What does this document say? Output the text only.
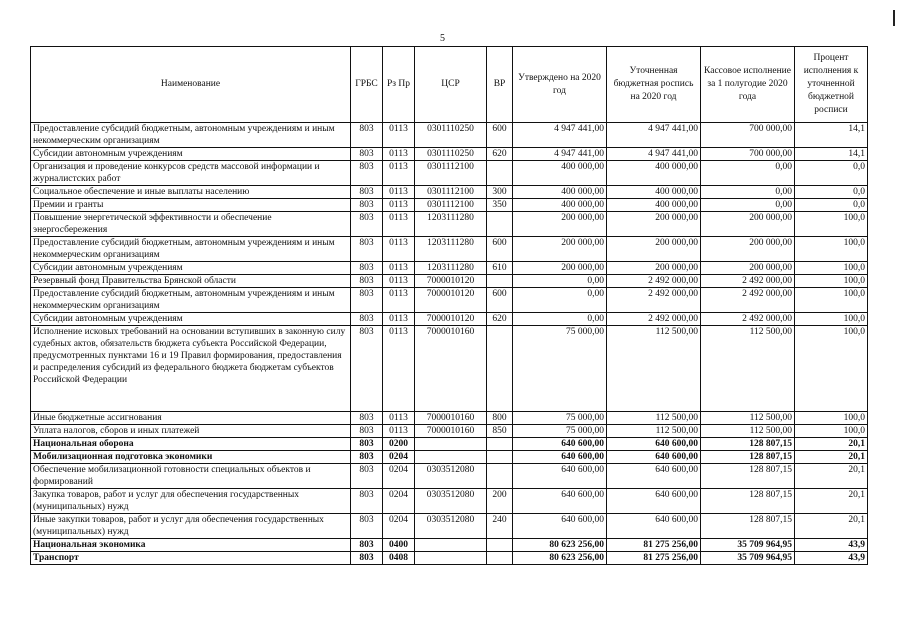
5
Наименование	ГРБС	Рз Пр	ЦСР	ВР	Утверждено на 2020 год	Уточненная бюджетная роспись на 2020 год	Кассовое исполнение за 1 полугодие 2020 года	Процент исполнения к уточненной бюджетной росписи
Предоставление субсидий бюджетным, автономным учреждениям и иным некоммерческим организациям	803	0113	0301110250	600	4 947 441,00	4 947 441,00	700 000,00	14,1
Субсидии автономным учреждениям	803	0113	0301110250	620	4 947 441,00	4 947 441,00	700 000,00	14,1
Организация и проведение конкурсов средств массовой информации и журналистских работ	803	0113	0301112100		400 000,00	400 000,00	0,00	0,0
Социальное обеспечение и иные выплаты населению	803	0113	0301112100	300	400 000,00	400 000,00	0,00	0,0
Премии и гранты	803	0113	0301112100	350	400 000,00	400 000,00	0,00	0,0
Повышение энергетической эффективности и обеспечение энергосбережения	803	0113	1203111280		200 000,00	200 000,00	200 000,00	100,0
Предоставление субсидий бюджетным, автономным учреждениям и иным некоммерческим организациям	803	0113	1203111280	600	200 000,00	200 000,00	200 000,00	100,0
Субсидии автономным учреждениям	803	0113	1203111280	610	200 000,00	200 000,00	200 000,00	100,0
Резервный фонд Правительства Брянской области	803	0113	7000010120		0,00	2 492 000,00	2 492 000,00	100,0
Предоставление субсидий бюджетным, автономным учреждениям и иным некоммерческим организациям	803	0113	7000010120	600	0,00	2 492 000,00	2 492 000,00	100,0
Субсидии автономным учреждениям	803	0113	7000010120	620	0,00	2 492 000,00	2 492 000,00	100,0
Исполнение исковых требований на основании вступивших в законную силу судебных актов, обязательств бюджета субъекта Российской Федерации, предусмотренных пунктами 16 и 19 Правил формирования, предоставления и распределения субсидий из федерального бюджета бюджетам субъектов Российской Федерации	803	0113	7000010160		75 000,00	112 500,00	112 500,00	100,0
Иные бюджетные ассигнования	803	0113	7000010160	800	75 000,00	112 500,00	112 500,00	100,0
Уплата налогов, сборов и иных платежей	803	0113	7000010160	850	75 000,00	112 500,00	112 500,00	100,0
Национальная оборона	803	0200			640 600,00	640 600,00	128 807,15	20,1
Мобилизационная подготовка экономики	803	0204			640 600,00	640 600,00	128 807,15	20,1
Обеспечение мобилизационной готовности специальных объектов и формирований	803	0204	0303512080		640 600,00	640 600,00	128 807,15	20,1
Закупка товаров, работ и услуг для обеспечения государственных (муниципальных) нужд	803	0204	0303512080	200	640 600,00	640 600,00	128 807,15	20,1
Иные закупки товаров, работ и услуг для обеспечения государственных (муниципальных) нужд	803	0204	0303512080	240	640 600,00	640 600,00	128 807,15	20,1
Национальная экономика	803	0400			80 623 256,00	81 275 256,00	35 709 964,95	43,9
Транспорт	803	0408			80 623 256,00	81 275 256,00	35 709 964,95	43,9
